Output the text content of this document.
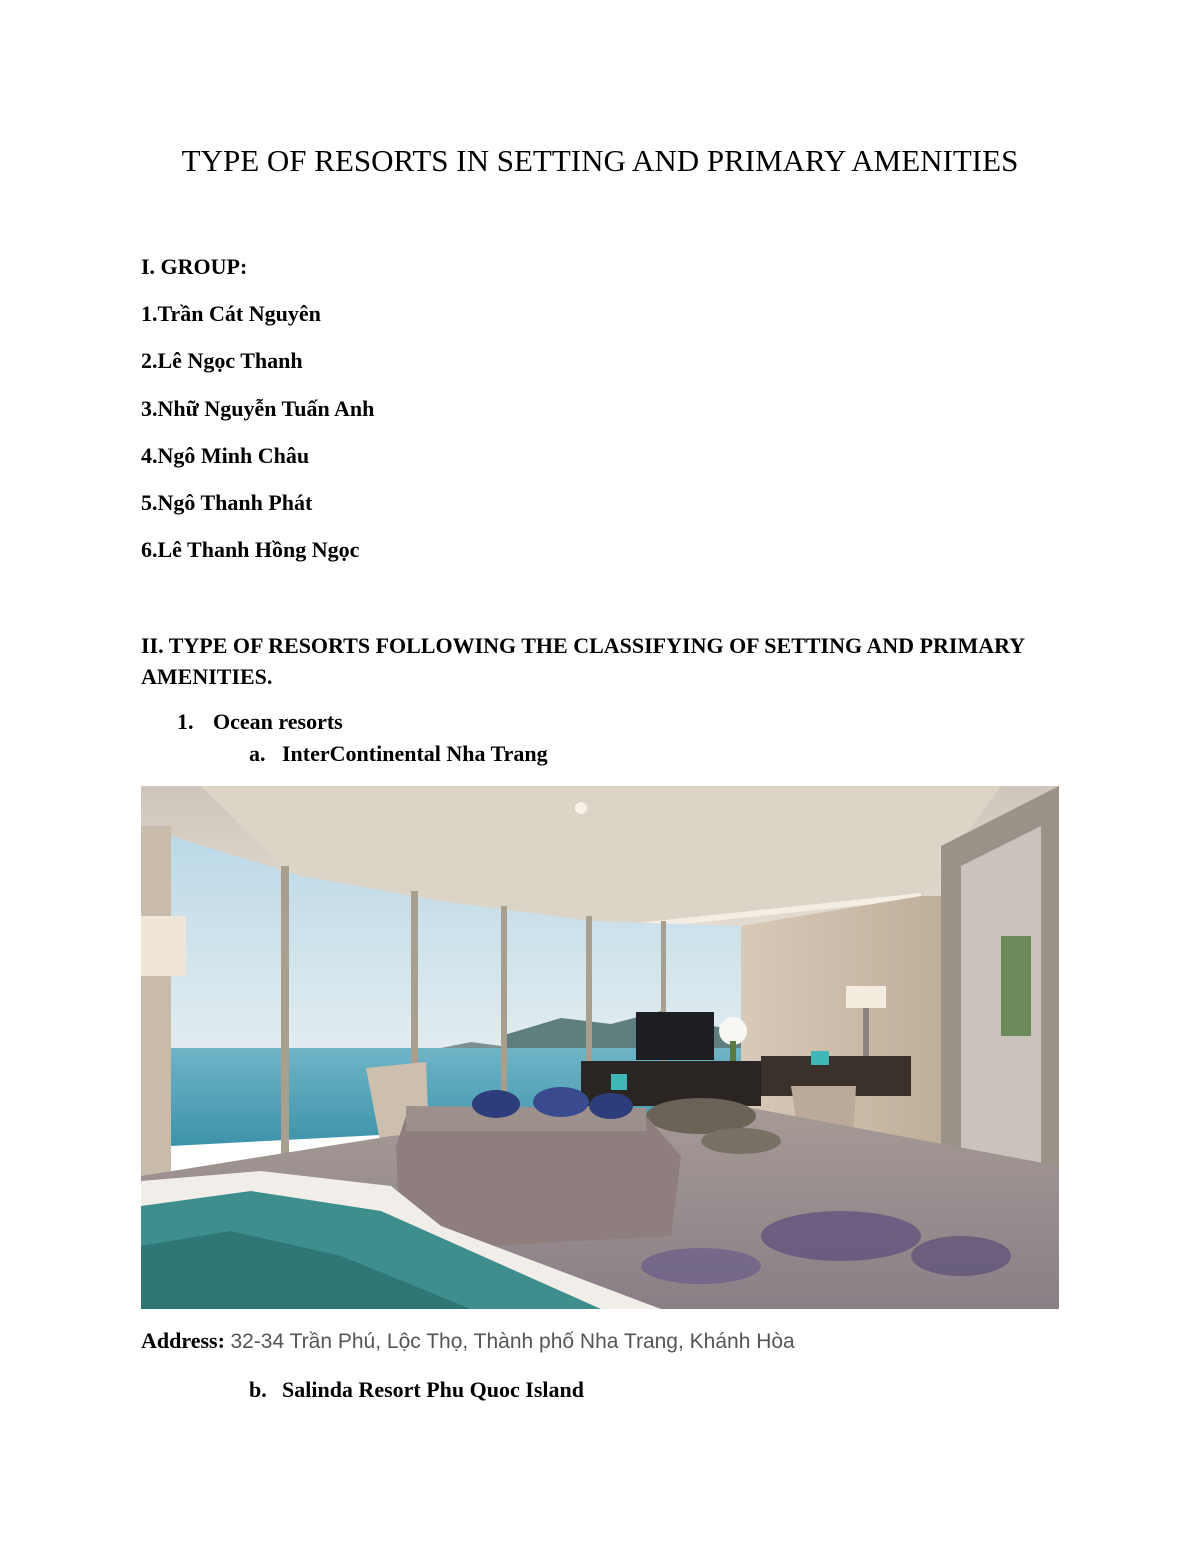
TYPE OF RESORTS IN SETTING AND PRIMARY AMENITIES

I. GROUP:

1.Trần Cát Nguyên

2.Lê Ngọc Thanh

3.Nhữ Nguyễn Tuấn Anh

4.Ngô Minh Châu

5.Ngô Thanh Phát

6.Lê Thanh Hồng Ngọc

II. TYPE OF RESORTS FOLLOWING THE CLASSIFYING OF SETTING AND PRIMARY AMENITIES.

1. Ocean resorts
a. InterContinental Nha Trang
Address: 32-34 Trần Phú, Lộc Thọ, Thành phố Nha Trang, Khánh Hòa
b. Salinda Resort Phu Quoc Island
